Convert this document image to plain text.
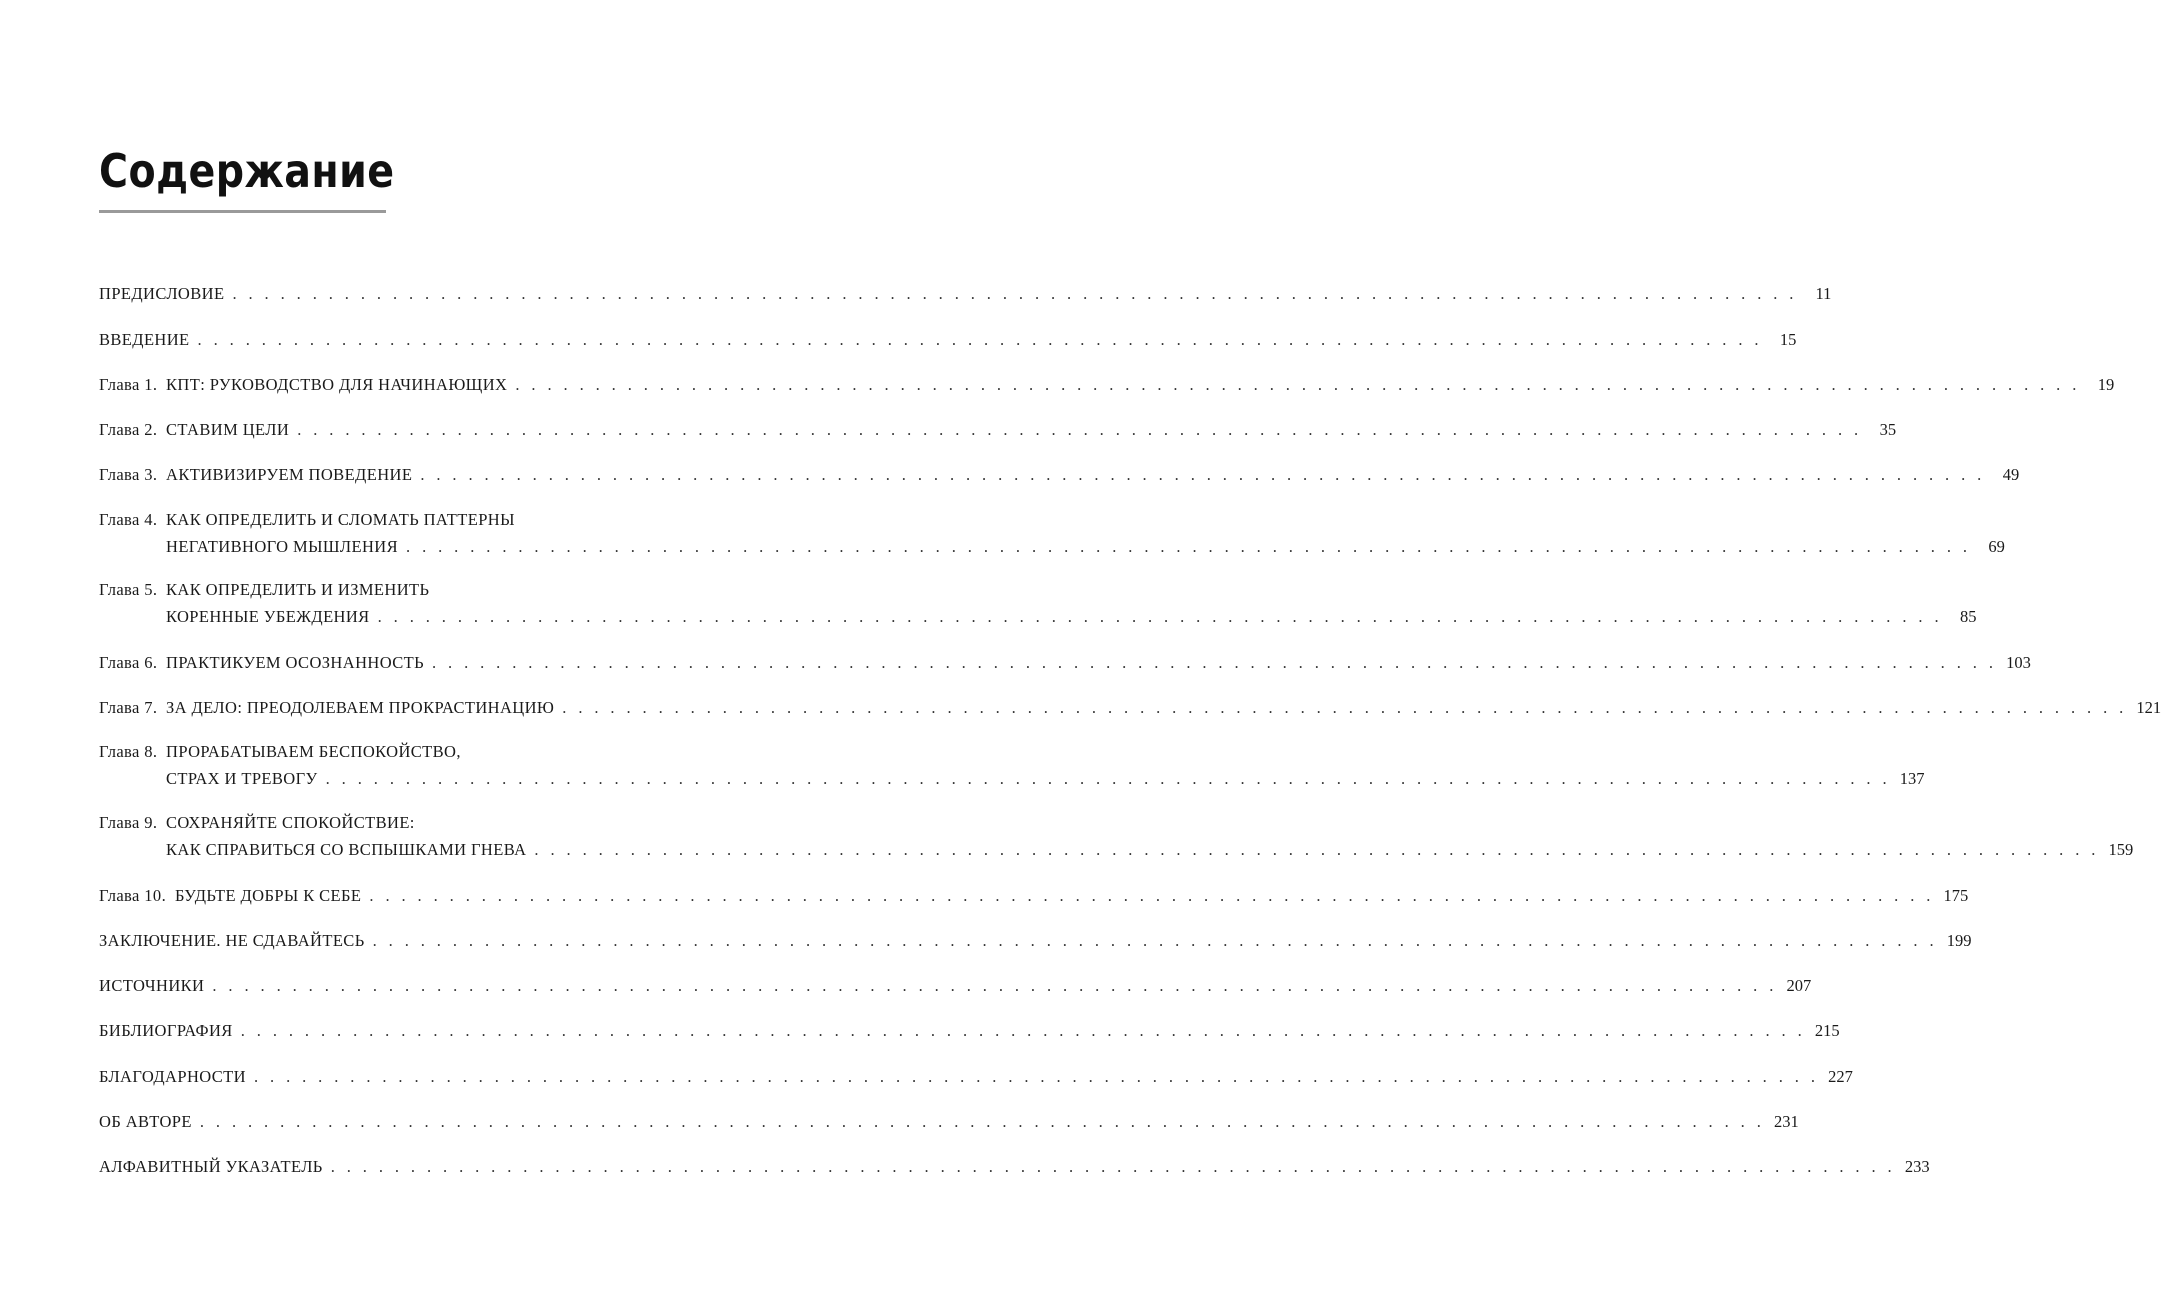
Содержание
ПРЕДИСЛОВИЕ . . . . . . . . . . . . . . . . . . . . . . . . . . . . . . . . . . . . . . . . . . . . . . . . . . . . . . . . . . . . . . . . . . . . . . . . . . . . . . . . . . . . . . . . . . . . . . . . . .	11
ВВЕДЕНИЕ . . . . . . . . . . . . . . . . . . . . . . . . . . . . . . . . . . . . . . . . . . . . . . . . . . . . . . . . . . . . . . . . . . . . . . . . . . . . . . . . . . . . . . . . . . . . . . . . . .	15
Глава 1. КПТ: РУКОВОДСТВО ДЛЯ НАЧИНАЮЩИХ . . . . . . . . . . . . . . . . . . . . . . . . . . . . . . . . . . . . . . . . . . . . . . . . . . . . . . . . . . . . . . . . . . . . . . . . . . . . . . . . . . . . . . . . . . . . . . . . . .	19
Глава 2. СТАВИМ ЦЕЛИ . . . . . . . . . . . . . . . . . . . . . . . . . . . . . . . . . . . . . . . . . . . . . . . . . . . . . . . . . . . . . . . . . . . . . . . . . . . . . . . . . . . . . . . . . . . . . . . . . .	35
Глава 3. АКТИВИЗИРУЕМ ПОВЕДЕНИЕ . . . . . . . . . . . . . . . . . . . . . . . . . . . . . . . . . . . . . . . . . . . . . . . . . . . . . . . . . . . . . . . . . . . . . . . . . . . . . . . . . . . . . . . . . . . . . . . . . .	49
Глава 4. КАК ОПРЕДЕЛИТЬ И СЛОМАТЬ ПАТТЕРНЫ
НЕГАТИВНОГО МЫШЛЕНИЯ . . . . . . . . . . . . . . . . . . . . . . . . . . . . . . . . . . . . . . . . . . . . . . . . . . . . . . . . . . . . . . . . . . . . . . . . . . . . . . . . . . . . . . . . . . . . . . . . . .	69
Глава 5. КАК ОПРЕДЕЛИТЬ И ИЗМЕНИТЬ
КОРЕННЫЕ УБЕЖДЕНИЯ . . . . . . . . . . . . . . . . . . . . . . . . . . . . . . . . . . . . . . . . . . . . . . . . . . . . . . . . . . . . . . . . . . . . . . . . . . . . . . . . . . . . . . . . . . . . . . . . . .	85
Глава 6. ПРАКТИКУЕМ ОСОЗНАННОСТЬ . . . . . . . . . . . . . . . . . . . . . . . . . . . . . . . . . . . . . . . . . . . . . . . . . . . . . . . . . . . . . . . . . . . . . . . . . . . . . . . . . . . . . . . . . . . . . . . . . . 103
Глава 7. ЗА ДЕЛО: ПРЕОДОЛЕВАЕМ ПРОКРАСТИНАЦИЮ . . . . . . . . . . . . . . . . . . . . . . . . . . . . . . . . . . . . . . . . . . . . . . . . . . . . . . . . . . . . . . . . . . . . . . . . . . . . . . . . . . . . . . . . . . . . . . . . . . 121
Глава 8. ПРОРАБАТЫВАЕМ БЕСПОКОЙСТВО,
СТРАХ И ТРЕВОГУ . . . . . . . . . . . . . . . . . . . . . . . . . . . . . . . . . . . . . . . . . . . . . . . . . . . . . . . . . . . . . . . . . . . . . . . . . . . . . . . . . . . . . . . . . . . . . . . . . . 137
Глава 9. СОХРАНЯЙТЕ СПОКОЙСТВИЕ:
КАК СПРАВИТЬСЯ СО ВСПЫШКАМИ ГНЕВА . . . . . . . . . . . . . . . . . . . . . . . . . . . . . . . . . . . . . . . . . . . . . . . . . . . . . . . . . . . . . . . . . . . . . . . . . . . . . . . . . . . . . . . . . . . . . . . . . . 159
Глава 10. БУДЬТЕ ДОБРЫ К СЕБЕ . . . . . . . . . . . . . . . . . . . . . . . . . . . . . . . . . . . . . . . . . . . . . . . . . . . . . . . . . . . . . . . . . . . . . . . . . . . . . . . . . . . . . . . . . . . . . . . . . . 175
ЗАКЛЮЧЕНИЕ. НЕ СДАВАЙТЕСЬ . . . . . . . . . . . . . . . . . . . . . . . . . . . . . . . . . . . . . . . . . . . . . . . . . . . . . . . . . . . . . . . . . . . . . . . . . . . . . . . . . . . . . . . . . . . . . . . . . . 199
ИСТОЧНИКИ . . . . . . . . . . . . . . . . . . . . . . . . . . . . . . . . . . . . . . . . . . . . . . . . . . . . . . . . . . . . . . . . . . . . . . . . . . . . . . . . . . . . . . . . . . . . . . . . . . 207
БИБЛИОГРАФИЯ . . . . . . . . . . . . . . . . . . . . . . . . . . . . . . . . . . . . . . . . . . . . . . . . . . . . . . . . . . . . . . . . . . . . . . . . . . . . . . . . . . . . . . . . . . . . . . . . . . 215
БЛАГОДАРНОСТИ . . . . . . . . . . . . . . . . . . . . . . . . . . . . . . . . . . . . . . . . . . . . . . . . . . . . . . . . . . . . . . . . . . . . . . . . . . . . . . . . . . . . . . . . . . . . . . . . . . 227
ОБ АВТОРЕ . . . . . . . . . . . . . . . . . . . . . . . . . . . . . . . . . . . . . . . . . . . . . . . . . . . . . . . . . . . . . . . . . . . . . . . . . . . . . . . . . . . . . . . . . . . . . . . . . . 231
АЛФАВИТНЫЙ УКАЗАТЕЛЬ . . . . . . . . . . . . . . . . . . . . . . . . . . . . . . . . . . . . . . . . . . . . . . . . . . . . . . . . . . . . . . . . . . . . . . . . . . . . . . . . . . . . . . . . . . . . . . . . . . 233
